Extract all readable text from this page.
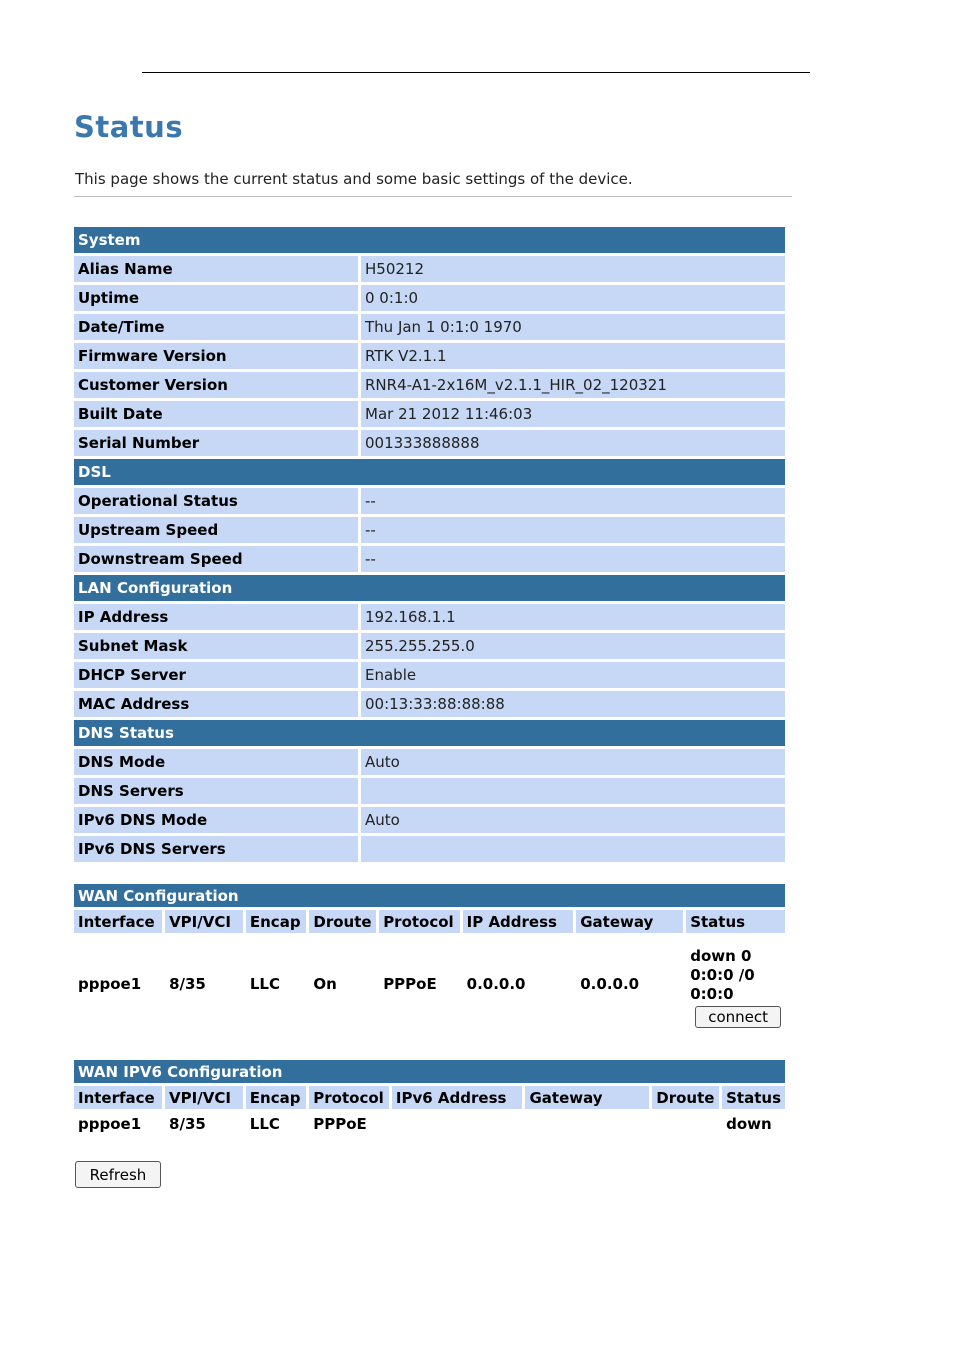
Status
This page shows the current status and some basic settings of the device.
System	
Alias Name	H50212
Uptime	0 0:1:0
Date/Time	Thu Jan 1 0:1:0 1970
Firmware Version	RTK V2.1.1
Customer Version	RNR4-A1-2x16M_v2.1.1_HIR_02_120321
Built Date	Mar 21 2012 11:46:03
Serial Number	001333888888
DSL	
Operational Status	--
Upstream Speed	--
Downstream Speed	--
LAN Configuration	
IP Address	192.168.1.1
Subnet Mask	255.255.255.0
DHCP Server	Enable
MAC Address	00:13:33:88:88:88
DNS Status	
DNS Mode	Auto
DNS Servers	
IPv6 DNS Mode	Auto
IPv6 DNS Servers	
WAN Configuration							
Interface	VPI/VCI	Encap	Droute	Protocol	IP Address	Gateway	Status
pppoe1	8/35	LLC	On	PPPoE	0.0.0.0	0.0.0.0	down 0
0:0:0 /0
0:0:0
connect
WAN IPV6 Configuration							
Interface	VPI/VCI	Encap	Protocol	IPv6 Address	Gateway	Droute	Status
pppoe1	8/35	LLC	PPPoE				down
Refresh
